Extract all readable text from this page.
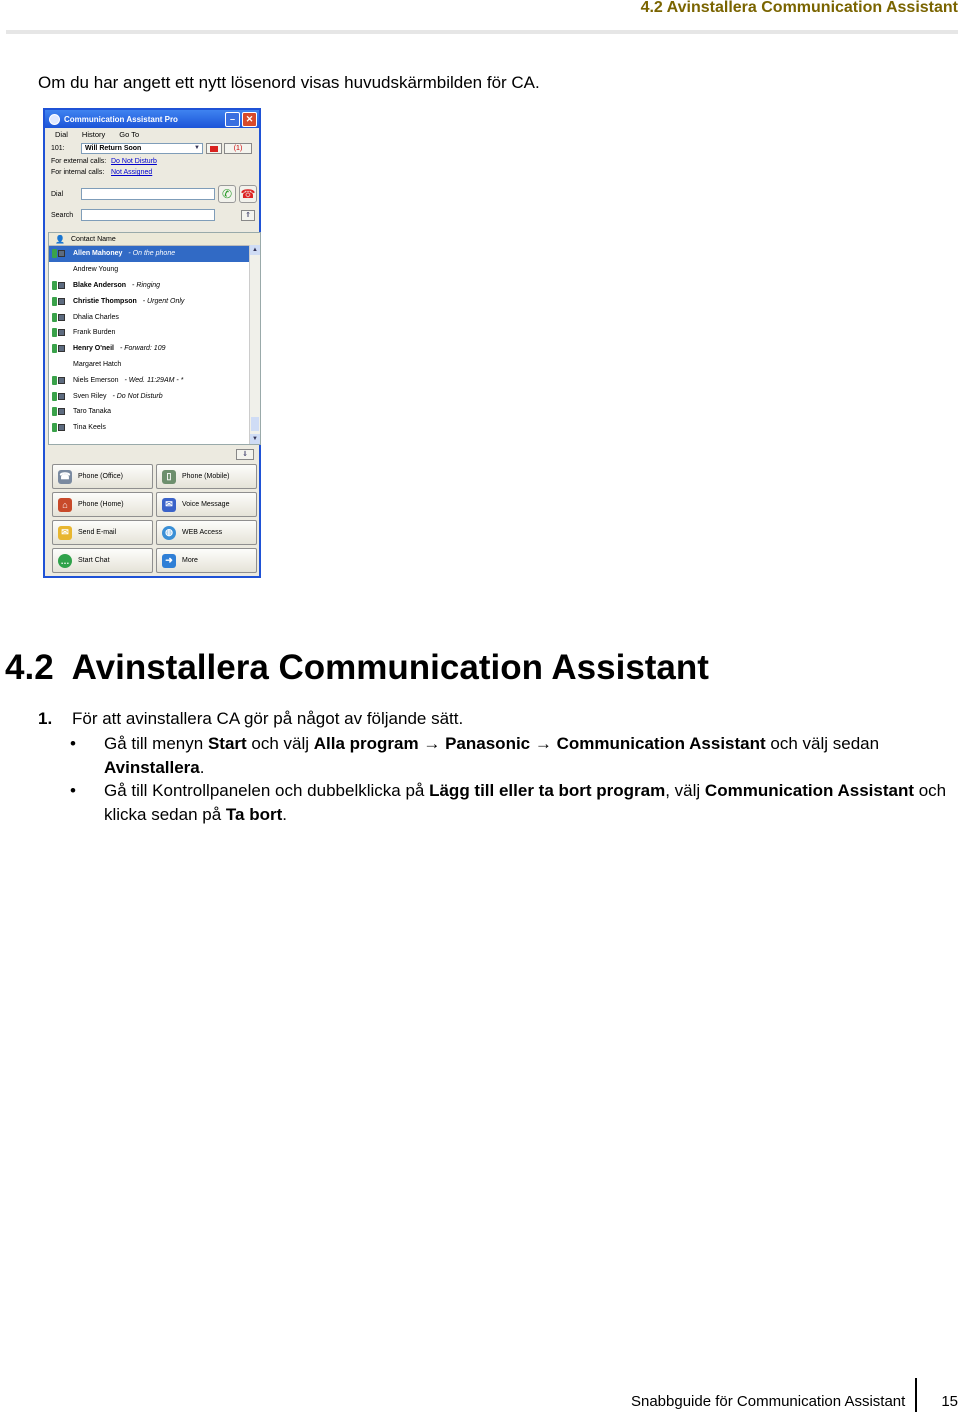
4.2 Avinstallera Communication Assistant
Om du har angett ett nytt lösenord visas huvudskärmbilden för CA.
Communication Assistant Pro	–	✕
Dial History Go To
101:	Will Return Soon	▼	(1)
For external calls: Do Not Disturb
For internal calls: Not Assigned
Dial	✆ ☎
Search	⇑
👤 Contact Name
Allen Mahoney - On the phone
Andrew Young
Blake Anderson - Ringing
Christie Thompson - Urgent Only
Dhalia Charles
Frank Burden
Henry O'neil - Forward: 109
Margaret Hatch
Niels Emerson - Wed. 11:29AM - *
Sven Riley - Do Not Disturb
Taro Tanaka
Tina Keels
▲
▼
⇓
☎ Phone (Office)	▯	Phone (Mobile)
⌂	Phone (Home)	✉	Voice Message
✉	Send E-mail	◍	WEB Access
…	Start Chat	➜	More
4.2 Avinstallera Communication Assistant
1. För att avinstallera CA gör på något av följande sätt.
• Gå till menyn Start och välj Alla program → Panasonic → Communication Assistant och välj sedan Avinstallera.
• Gå till Kontrollpanelen och dubbelklicka på Lägg till eller ta bort program, välj Communication Assistant och klicka sedan på Ta bort.
Snabbguide för Communication Assistant 15
